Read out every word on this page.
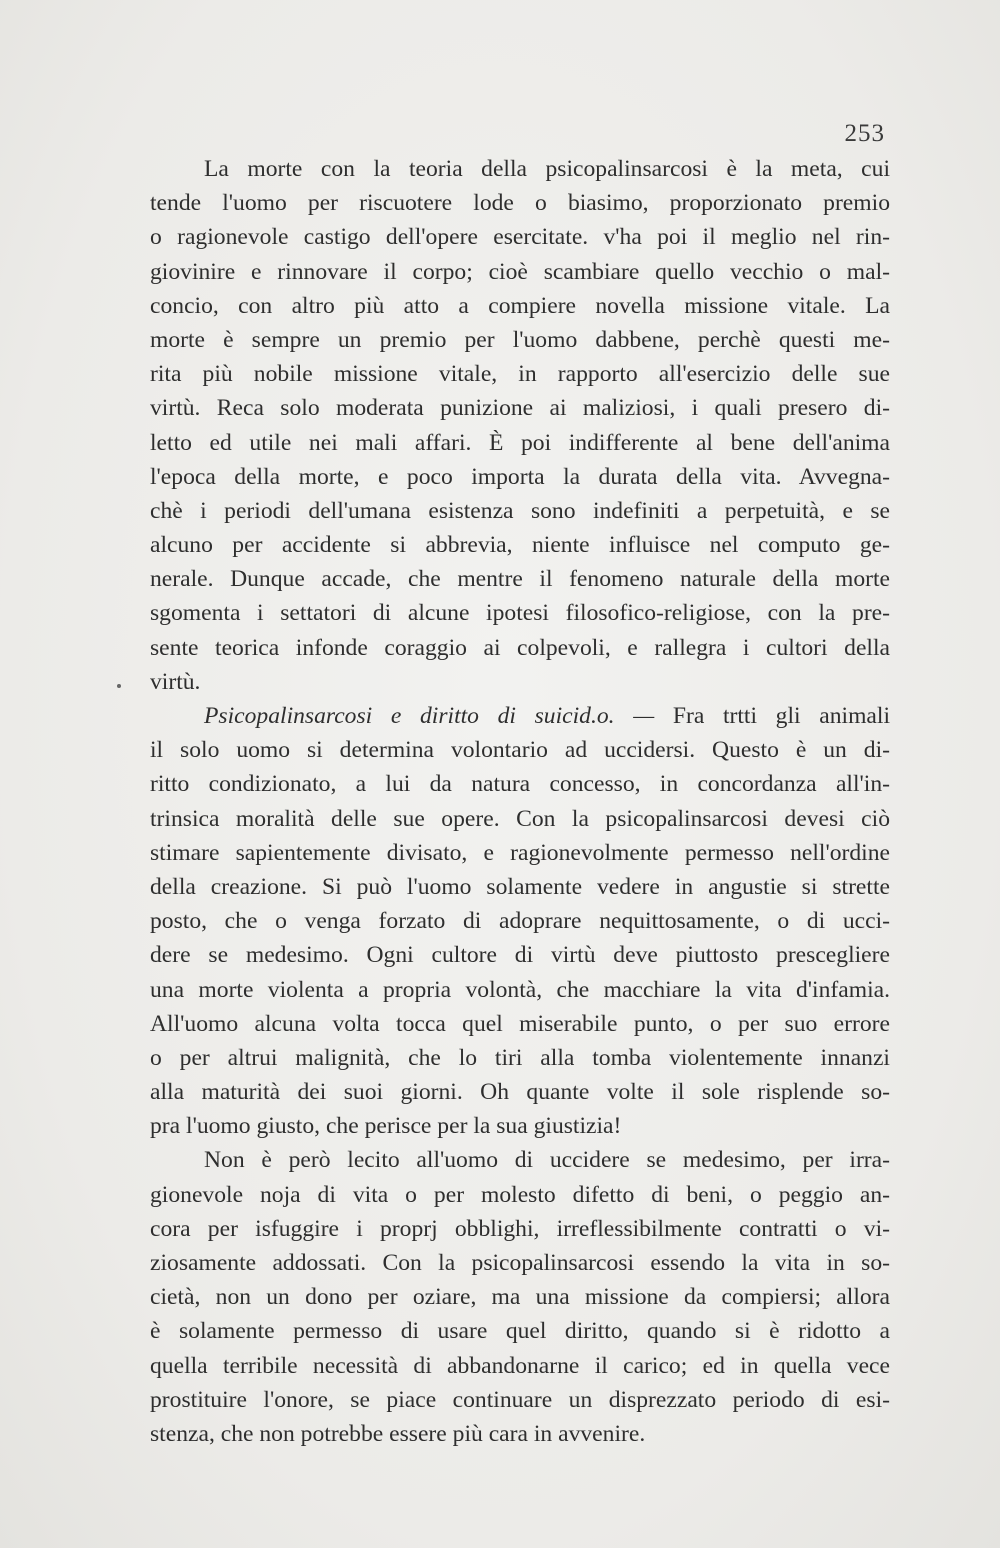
253
La morte con la teoria della psicopalinsarcosi è la meta, cui
tende l'uomo per riscuotere lode o biasimo, proporzionato premio
o ragionevole castigo dell'opere esercitate. v'ha poi il meglio nel rin-
giovinire e rinnovare il corpo; cioè scambiare quello vecchio o mal-
concio, con altro più atto a compiere novella missione vitale. La
morte è sempre un premio per l'uomo dabbene, perchè questi me-
rita più nobile missione vitale, in rapporto all'esercizio delle sue
virtù. Reca solo moderata punizione ai maliziosi, i quali presero di-
letto ed utile nei mali affari. È poi indifferente al bene dell'anima
l'epoca della morte, e poco importa la durata della vita. Avvegna-
chè i periodi dell'umana esistenza sono indefiniti a perpetuità, e se
alcuno per accidente si abbrevia, niente influisce nel computo ge-
nerale. Dunque accade, che mentre il fenomeno naturale della morte
sgomenta i settatori di alcune ipotesi filosofico-religiose, con la pre-
sente teorica infonde coraggio ai colpevoli, e rallegra i cultori della
virtù.
Psicopalinsarcosi e diritto di suicid.o. — Fra trtti gli animali
il solo uomo si determina volontario ad uccidersi. Questo è un di-
ritto condizionato, a lui da natura concesso, in concordanza all'in-
trinsica moralità delle sue opere. Con la psicopalinsarcosi devesi ciò
stimare sapientemente divisato, e ragionevolmente permesso nell'ordine
della creazione. Si può l'uomo solamente vedere in angustie si strette
posto, che o venga forzato di adoprare nequittosamente, o di ucci-
dere se medesimo. Ogni cultore di virtù deve piuttosto prescegliere
una morte violenta a propria volontà, che macchiare la vita d'infamia.
All'uomo alcuna volta tocca quel miserabile punto, o per suo errore
o per altrui malignità, che lo tiri alla tomba violentemente innanzi
alla maturità dei suoi giorni. Oh quante volte il sole risplende so-
pra l'uomo giusto, che perisce per la sua giustizia!
Non è però lecito all'uomo di uccidere se medesimo, per irra-
gionevole noja di vita o per molesto difetto di beni, o peggio an-
cora per isfuggire i proprj obblighi, irreflessibilmente contratti o vi-
ziosamente addossati. Con la psicopalinsarcosi essendo la vita in so-
cietà, non un dono per oziare, ma una missione da compiersi; allora
è solamente permesso di usare quel diritto, quando si è ridotto a
quella terribile necessità di abbandonarne il carico; ed in quella vece
prostituire l'onore, se piace continuare un disprezzato periodo di esi-
stenza, che non potrebbe essere più cara in avvenire.
